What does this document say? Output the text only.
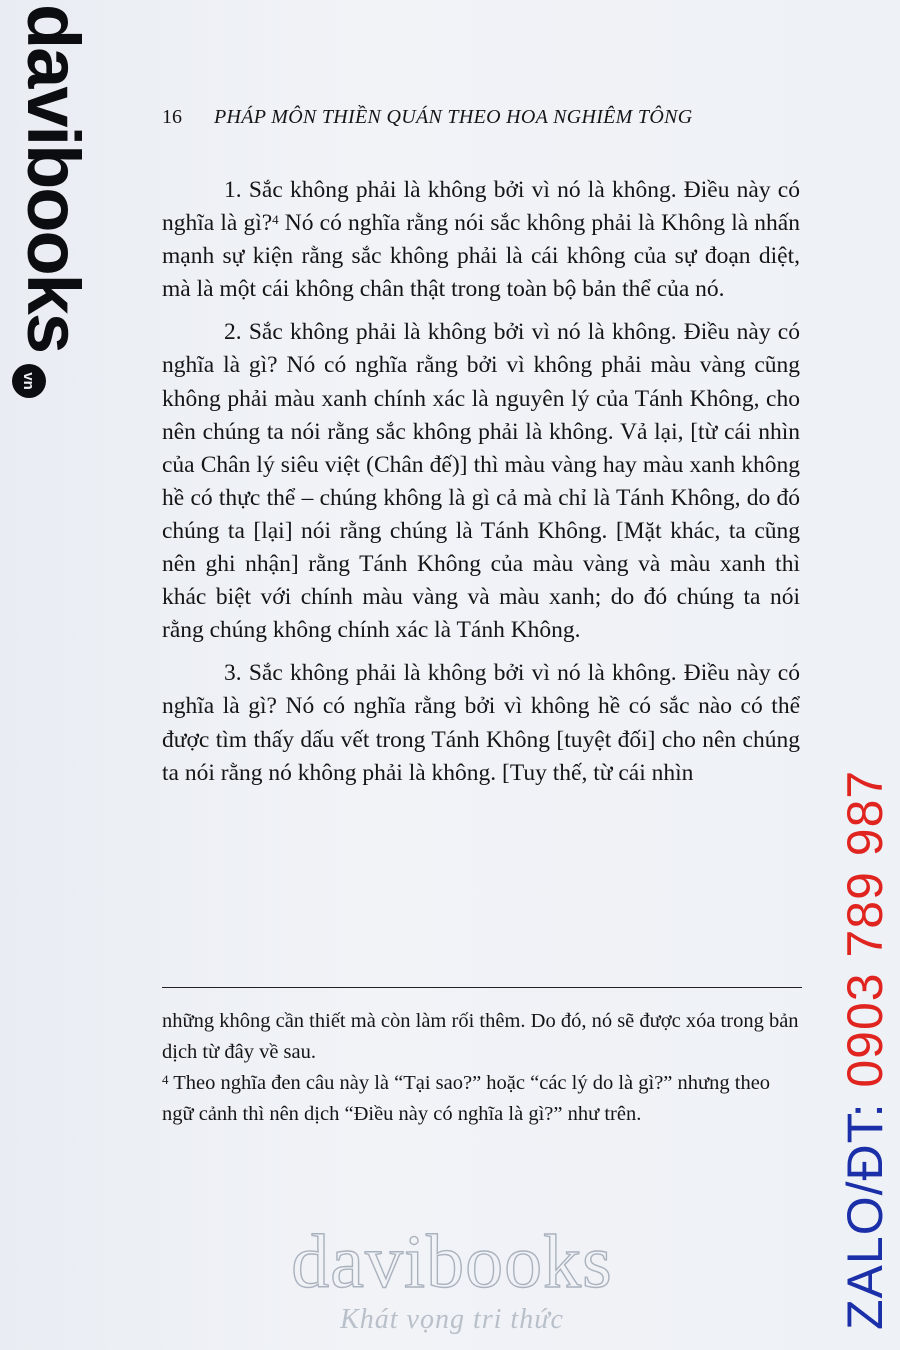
davibooks
vn
ZALO/ĐT: 0903 789 987
16 PHÁP MÔN THIỀN QUÁN THEO HOA NGHIÊM TÔNG

1. Sắc không phải là không bởi vì nó là không. Điều này có nghĩa là gì?$^4$ Nó có nghĩa rằng nói sắc không phải là Không là nhấn mạnh sự kiện rằng sắc không phải là cái không của sự đoạn diệt, mà là một cái không chân thật trong toàn bộ bản thể của nó.

2. Sắc không phải là không bởi vì nó là không. Điều này có nghĩa là gì? Nó có nghĩa rằng bởi vì không phải màu vàng cũng không phải màu xanh chính xác là nguyên lý của Tánh Không, cho nên chúng ta nói rằng sắc không phải là không. Vả lại, [từ cái nhìn của Chân lý siêu việt (Chân đế)] thì màu vàng hay màu xanh không hề có thực thể – chúng không là gì cả mà chỉ là Tánh Không, do đó chúng ta [lại] nói rằng chúng là Tánh Không. [Mặt khác, ta cũng nên ghi nhận] rằng Tánh Không của màu vàng và màu xanh thì khác biệt với chính màu vàng và màu xanh; do đó chúng ta nói rằng chúng không chính xác là Tánh Không.

3. Sắc không phải là không bởi vì nó là không. Điều này có nghĩa là gì? Nó có nghĩa rằng bởi vì không hề có sắc nào có thể được tìm thấy dấu vết trong Tánh Không [tuyệt đối] cho nên chúng ta nói rằng nó không phải là không. [Tuy thế, từ cái nhìn

những không cần thiết mà còn làm rối thêm. Do đó, nó sẽ được xóa trong bản dịch từ đây về sau.

$^4$ Theo nghĩa đen câu này là “Tại sao?” hoặc “các lý do là gì?” nhưng theo ngữ cảnh thì nên dịch “Điều này có nghĩa là gì?” như trên.

davibooks
Khát vọng tri thức
